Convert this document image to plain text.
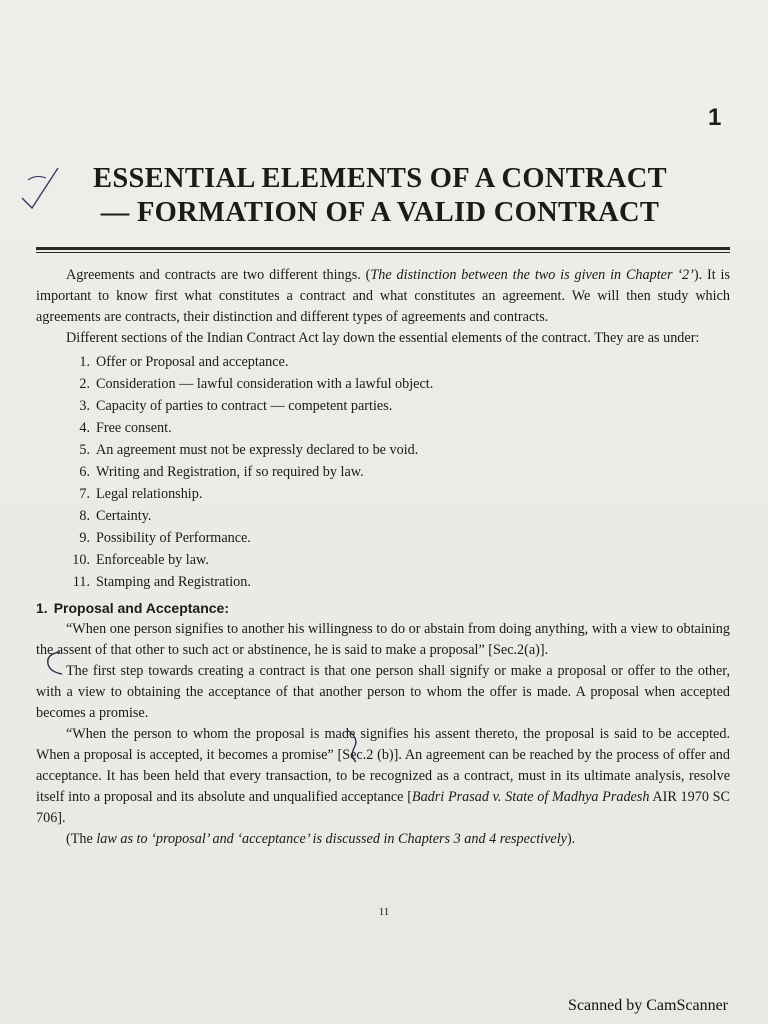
1
ESSENTIAL ELEMENTS OF A CONTRACT
— FORMATION OF A VALID CONTRACT

Agreements and contracts are two different things. (The distinction between the two is given in Chapter ‘2’). It is important to know first what constitutes a contract and what constitutes an agreement. We will then study which agreements are contracts, their distinction and different types of agreements and contracts.

Different sections of the Indian Contract Act lay down the essential elements of the contract. They are as under:

1. Offer or Proposal and acceptance.
2. Consideration — lawful consideration with a lawful object.
3. Capacity of parties to contract — competent parties.
4. Free consent.
5. An agreement must not be expressly declared to be void.
6. Writing and Registration, if so required by law.
7. Legal relationship.
8. Certainty.
9. Possibility of Performance.
10. Enforceable by law.
11. Stamping and Registration.
1. Proposal and Acceptance:

“When one person signifies to another his willingness to do or abstain from doing anything, with a view to obtaining the assent of that other to such act or abstinence, he is said to make a proposal” [Sec.2(a)].

The first step towards creating a contract is that one person shall signify or make a proposal or offer to the other, with a view to obtaining the acceptance of that another person to whom the offer is made. A proposal when accepted becomes a promise.

“When the person to whom the proposal is made signifies his assent thereto, the proposal is said to be accepted. When a proposal is accepted, it becomes a promise” [Sec.2 (b)]. An agreement can be reached by the process of offer and acceptance. It has been held that every transaction, to be recognized as a contract, must in its ultimate analysis, resolve itself into a proposal and its absolute and unqualified acceptance [Badri Prasad v. State of Madhya Pradesh AIR 1970 SC 706].

(The law as to ‘proposal’ and ‘acceptance’ is discussed in Chapters 3 and 4 respectively).

11
Scanned by CamScanner
